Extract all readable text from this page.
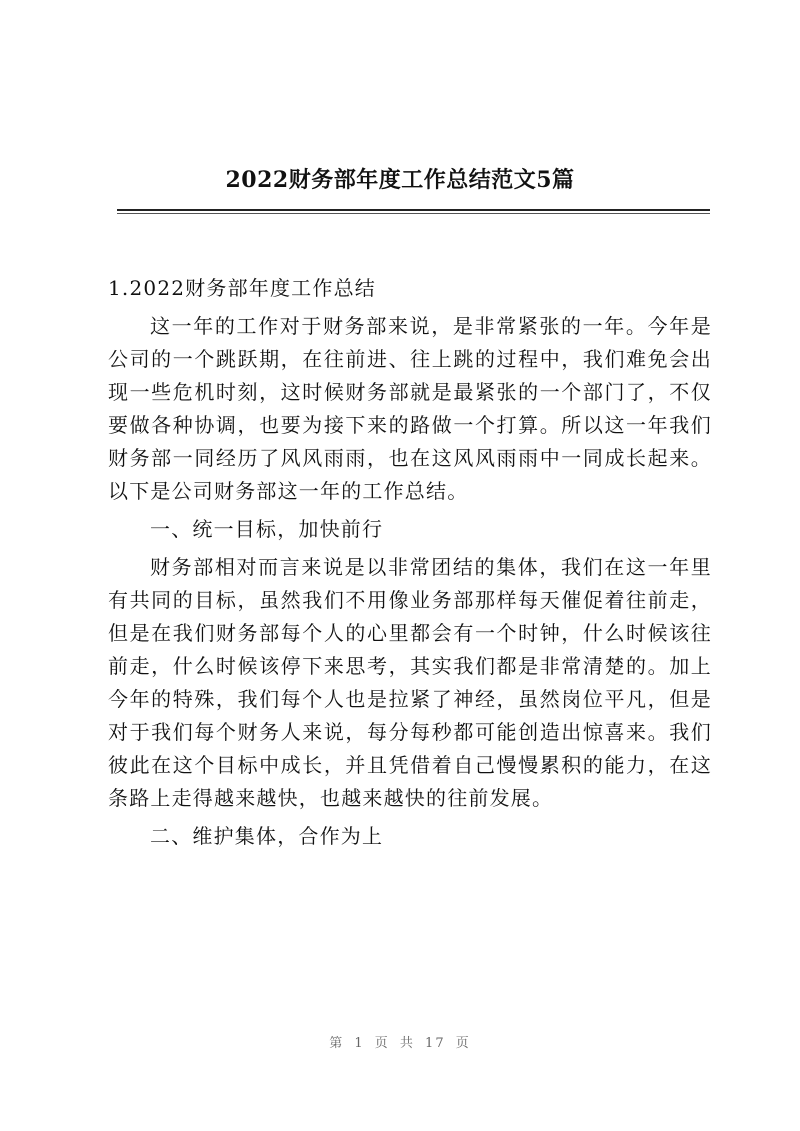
2022财务部年度工作总结范文5篇

1.2022财务部年度工作总结

这一年的工作对于财务部来说，是非常紧张的一年。今年是公司的一个跳跃期，在往前进、往上跳的过程中，我们难免会出现一些危机时刻，这时候财务部就是最紧张的一个部门了，不仅要做各种协调，也要为接下来的路做一个打算。所以这一年我们财务部一同经历了风风雨雨，也在这风风雨雨中一同成长起来。以下是公司财务部这一年的工作总结。

一、统一目标，加快前行

财务部相对而言来说是以非常团结的集体，我们在这一年里有共同的目标，虽然我们不用像业务部那样每天催促着往前走，但是在我们财务部每个人的心里都会有一个时钟，什么时候该往前走，什么时候该停下来思考，其实我们都是非常清楚的。加上今年的特殊，我们每个人也是拉紧了神经，虽然岗位平凡，但是对于我们每个财务人来说，每分每秒都可能创造出惊喜来。我们彼此在这个目标中成长，并且凭借着自己慢慢累积的能力，在这条路上走得越来越快，也越来越快的往前发展。

二、维护集体，合作为上

第 1 页 共 17 页
